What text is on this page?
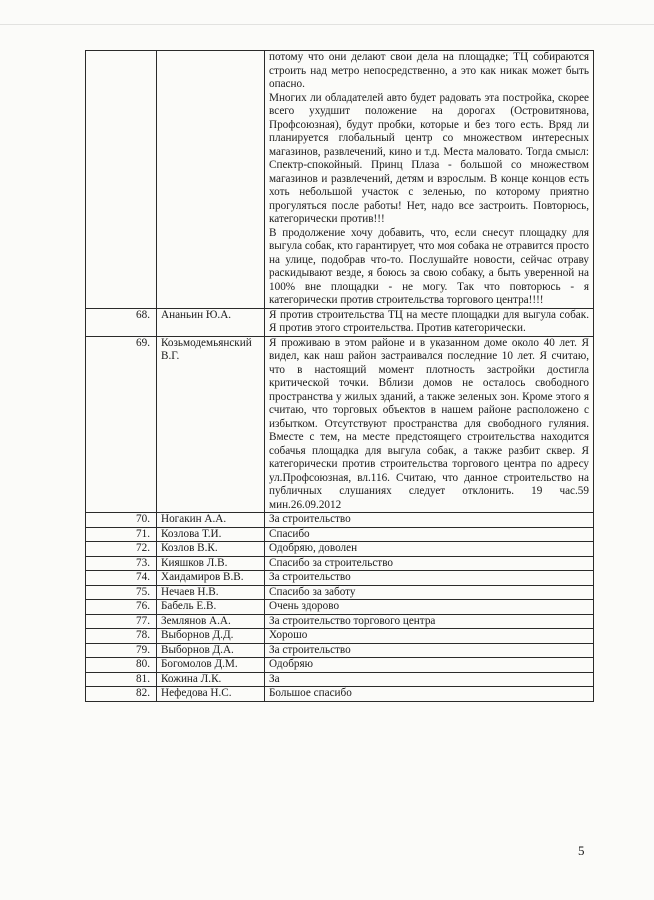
		потому что они делают свои дела на площадке; ТЦ собираются строить над метро непосредственно, а это как никак может быть опасно.
Многих ли обладателей авто будет радовать эта постройка, скорее всего ухудшит положение на дорогах (Островитянова, Профсоюзная), будут пробки, которые и без того есть. Вряд ли планируется глобальный центр со множеством интересных магазинов, развлечений, кино и т.д. Места маловато. Тогда смысл: Спектр-спокойный. Принц Плаза - большой со множеством магазинов и развлечений, детям и взрослым. В конце концов есть хоть небольшой участок с зеленью, по которому приятно прогуляться после работы! Нет, надо все застроить. Повторюсь, категорически против!!!
В продолжение хочу добавить, что, если снесут площадку для выгула собак, кто гарантирует, что моя собака не отравится просто на улице, подобрав что-то. Послушайте новости, сейчас отраву раскидывают везде, я боюсь за свою собаку, а быть уверенной на 100% вне площадки - не могу. Так что повторюсь - я категорически против строительства торгового центра!!!!

68.	Ананьин Ю.А.	Я против строительства ТЦ на месте площадки для выгула собак. Я против этого строительства. Против категорически.

69.	Козьмодемьянский В.Г.	Я проживаю в этом районе и в указанном доме около 40 лет. Я видел, как наш район застраивался последние 10 лет. Я считаю, что в настоящий момент плотность застройки достигла критической точки. Вблизи домов не осталось свободного пространства у жилых зданий, а также зеленых зон. Кроме этого я считаю, что торговых объектов в нашем районе расположено с избытком. Отсутствуют пространства для свободного гуляния. Вместе с тем, на месте предстоящего строительства находится собачья площадка для выгула собак, а также разбит сквер. Я категорически против строительства торгового центра по адресу ул.Профсоюзная, вл.116. Считаю, что данное строительство на публичных слушаниях следует отклонить. 19 час.59 мин.26.09.2012

70.	Ногакин А.А.	За строительство

71.	Козлова Т.И.	Спасибо

72.	Козлов В.К.	Одобряю, доволен

73.	Кияшков Л.В.	Спасибо за строительство

74.	Хаидамиров В.В.	За строительство

75.	Нечаев Н.В.	Спасибо за заботу

76.	Бабель Е.В.	Очень здорово

77.	Землянов А.А.	За строительство торгового центра

78.	Выборнов Д.Д.	Хорошо

79.	Выборнов Д.А.	За строительство

80.	Богомолов Д.М.	Одобряю

81.	Кожина Л.К.	За

82.	Нефедова Н.С.	Большое спасибо
5
